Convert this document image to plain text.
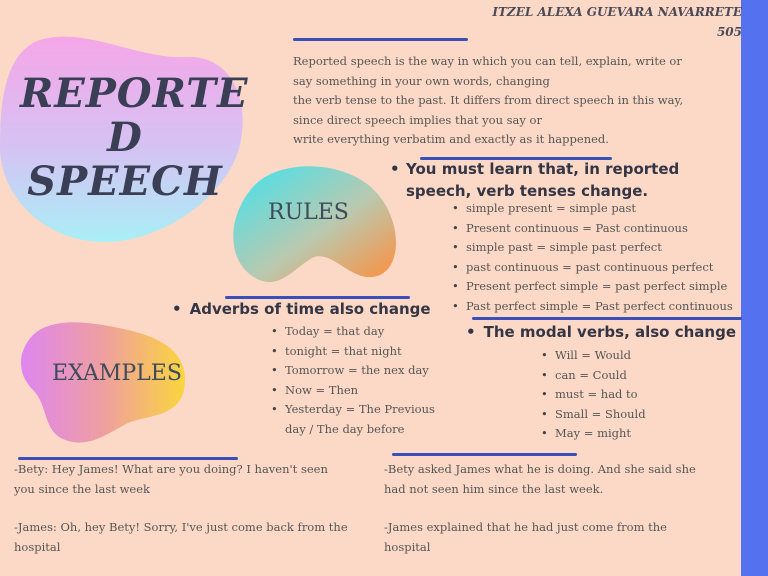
ITZEL ALEXA GUEVARA NAVARRETE
505
REPORTE
D
SPEECH
Reported speech is the way in which you can tell, explain, write or
say something in your own words, changing
the verb tense to the past. It differs from direct speech in this way,
since direct speech implies that you say or
write everything verbatim and exactly as it happened.
RULES
• You must learn that, in reported speech, verb tenses change.
• simple present = simple past
• Present continuous = Past continuous
• simple past = simple past perfect
• past continuous = past continuous perfect
• Present perfect simple = past perfect simple
• Past perfect simple = Past perfect continuous
• Adverbs of time also change
• Today = that day
• tonight = that night
• Tomorrow = the nex day
• Now = Then
• Yesterday = The Previous day / The day before
EXAMPLES
• The modal verbs, also change
• Will = Would
• can = Could
• must = had to
• Small = Should
• May = might

-Bety: Hey James! What are you doing? I haven't seen

you since the last week

-James: Oh, hey Bety! Sorry, I've just come back from the

hospital

-Bety asked James what he is doing. And she said she

had not seen him since the last week.

-James explained that he had just come from the

hospital
